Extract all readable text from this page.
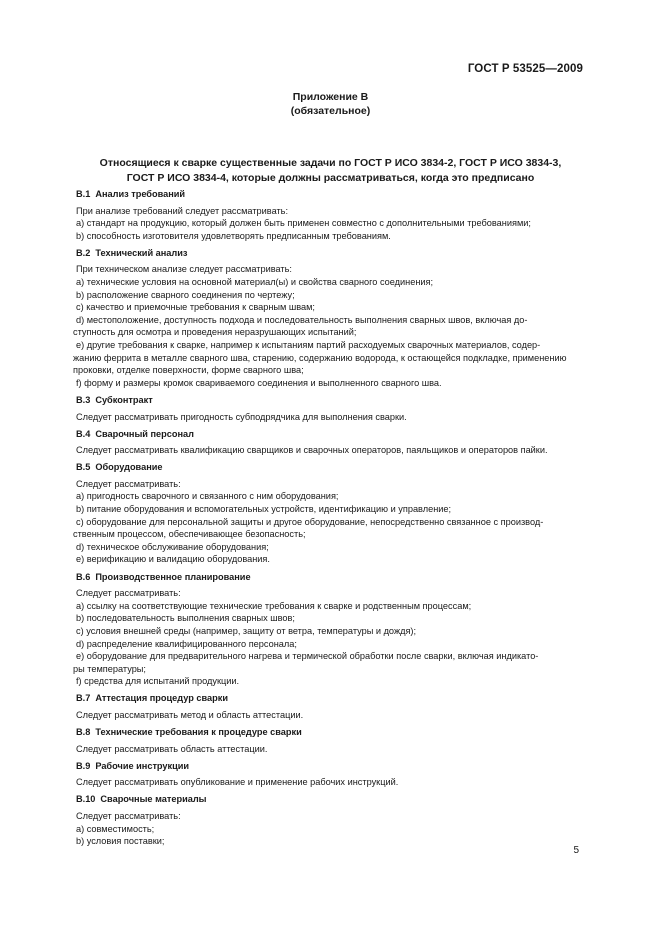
ГОСТ Р 53525—2009
Приложение В
(обязательное)
Относящиеся к сварке существенные задачи по ГОСТ Р ИСО 3834-2, ГОСТ Р ИСО 3834-3,
ГОСТ Р ИСО 3834-4, которые должны рассматриваться, когда это предписано
В.1 Анализ требований

При анализе требований следует рассматривать:

a) стандарт на продукцию, который должен быть применен совместно с дополнительными требованиями;

b) способность изготовителя удовлетворять предписанным требованиям.

В.2 Технический анализ

При техническом анализе следует рассматривать:

a) технические условия на основной материал(ы) и свойства сварного соединения;

b) расположение сварного соединения по чертежу;

c) качество и приемочные требования к сварным швам;

d) местоположение, доступность подхода и последовательность выполнения сварных швов, включая до-

ступность для осмотра и проведения неразрушающих испытаний;

e) другие требования к сварке, например к испытаниям партий расходуемых сварочных материалов, содер-

жанию феррита в металле сварного шва, старению, содержанию водорода, к остающейся подкладке, применению

проковки, отделке поверхности, форме сварного шва;

f) форму и размеры кромок свариваемого соединения и выполненного сварного шва.

В.3 Субконтракт

Следует рассматривать пригодность субподрядчика для выполнения сварки.

В.4 Сварочный персонал

Следует рассматривать квалификацию сварщиков и сварочных операторов, паяльщиков и операторов пайки.

В.5 Оборудование

Следует рассматривать:

a) пригодность сварочного и связанного с ним оборудования;

b) питание оборудования и вспомогательных устройств, идентификацию и управление;

c) оборудование для персональной защиты и другое оборудование, непосредственно связанное с производ-

ственным процессом, обеспечивающее безопасность;

d) техническое обслуживание оборудования;

e) верификацию и валидацию оборудования.

В.6 Производственное планирование

Следует рассматривать:

a) ссылку на соответствующие технические требования к сварке и родственным процессам;

b) последовательность выполнения сварных швов;

c) условия внешней среды (например, защиту от ветра, температуры и дождя);

d) распределение квалифицированного персонала;

e) оборудование для предварительного нагрева и термической обработки после сварки, включая индикато-

ры температуры;

f) средства для испытаний продукции.

В.7 Аттестация процедур сварки

Следует рассматривать метод и область аттестации.

В.8 Технические требования к процедуре сварки

Следует рассматривать область аттестации.

В.9 Рабочие инструкции

Следует рассматривать опубликование и применение рабочих инструкций.

В.10 Сварочные материалы

Следует рассматривать:

a) совместимость;

b) условия поставки;

5
